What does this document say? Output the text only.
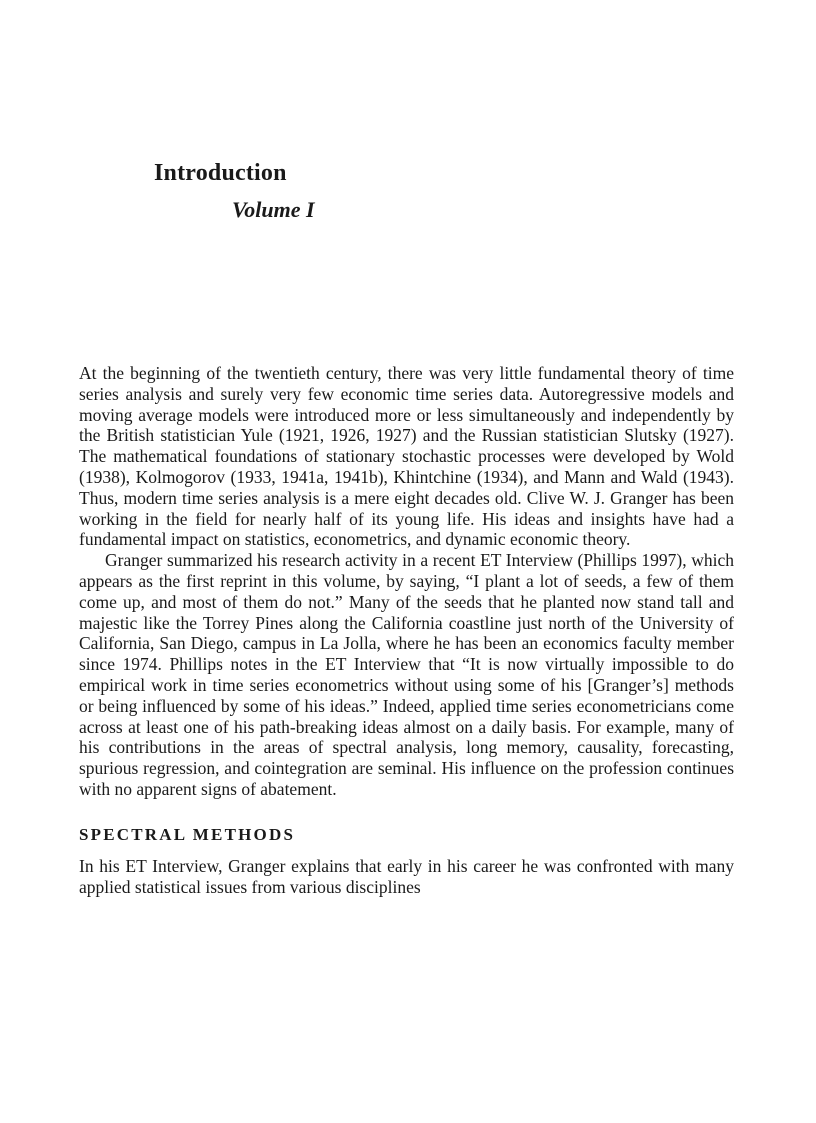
Introduction
Volume I

At the beginning of the twentieth century, there was very little fundamental theory of time series analysis and surely very few economic time series data. Autoregressive models and moving average models were introduced more or less simultaneously and independently by the British statistician Yule (1921, 1926, 1927) and the Russian statistician Slutsky (1927). The mathematical foundations of stationary stochastic processes were developed by Wold (1938), Kolmogorov (1933, 1941a, 1941b), Khintchine (1934), and Mann and Wald (1943). Thus, modern time series analysis is a mere eight decades old. Clive W. J. Granger has been working in the field for nearly half of its young life. His ideas and insights have had a fundamental impact on statistics, econometrics, and dynamic economic theory.

Granger summarized his research activity in a recent ET Interview (Phillips 1997), which appears as the first reprint in this volume, by saying, “I plant a lot of seeds, a few of them come up, and most of them do not.” Many of the seeds that he planted now stand tall and majestic like the Torrey Pines along the California coastline just north of the University of California, San Diego, campus in La Jolla, where he has been an economics faculty member since 1974. Phillips notes in the ET Interview that “It is now virtually impossible to do empirical work in time series econometrics without using some of his [Granger’s] methods or being influenced by some of his ideas.” Indeed, applied time series econometricians come across at least one of his path-breaking ideas almost on a daily basis. For example, many of his contributions in the areas of spectral analysis, long memory, causality, forecasting, spurious regression, and cointegration are seminal. His influence on the profession continues with no apparent signs of abatement.

SPECTRAL METHODS

In his ET Interview, Granger explains that early in his career he was confronted with many applied statistical issues from various disciplines
